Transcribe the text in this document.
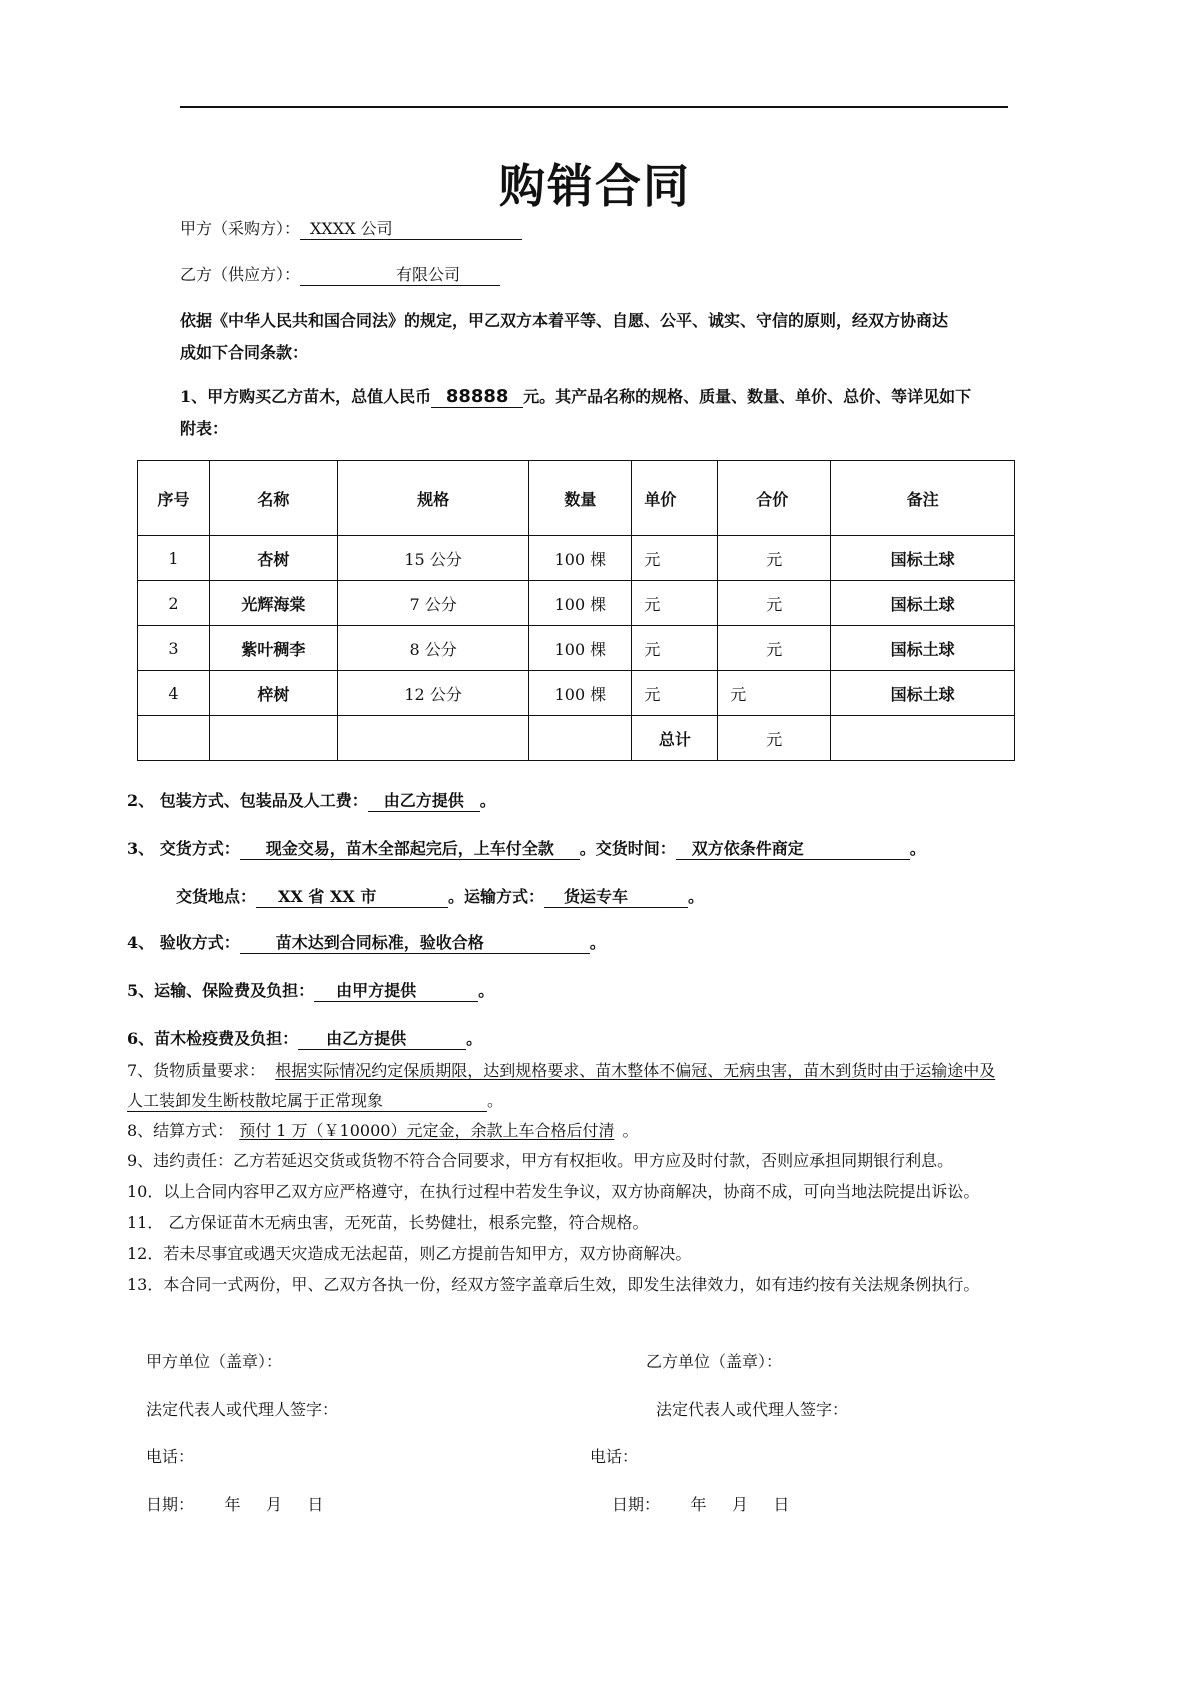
购销合同
甲方（采购方）： XXXX 公司
乙方（供应方）：	有限公司
依据《中华人民共和国合同法》的规定，甲乙双方本着平等、自愿、公平、诚实、守信的原则，经双方协商达
成如下合同条款：
1、甲方购买乙方苗木，总值人民币 88888 元。其产品名称的规格、质量、数量、单价、总价、等详见如下
附表：
序号	名称	规格	数量	单价	合价	备注
1	杏树	15 公分	100 棵	元	元	国标土球
2	光辉海棠	7 公分	100 棵	元	元	国标土球
3	紫叶稠李	8 公分	100 棵	元	元	国标土球
4	梓树	12 公分	100 棵	元	元	国标土球
				总计	元	
2、 包装方式、包装品及人工费： 由乙方提供 。
3、 交货方式： 现金交易，苗木全部起完后，上车付全款 。交货时间： 双方依条件商定	。
交货地点： XX 省 XX 市	。运输方式： 货运专车	。
4、 验收方式： 苗木达到合同标准，验收合格	。
5、运输、保险费及负担： 由甲方提供	。
6、苗木检疫费及负担： 由乙方提供	。
7、货物质量要求： 根据实际情况约定保质期限，达到规格要求、苗木整体不偏冠、无病虫害，苗木到货时由于运输途中及
人工装卸发生断枝散坨属于正常现象	。
8、结算方式： 预付 1 万（￥10000）元定金，余款上车合格后付清 。
9、违约责任：乙方若延迟交货或货物不符合合同要求，甲方有权拒收。甲方应及时付款，否则应承担同期银行利息。
10．以上合同内容甲乙双方应严格遵守，在执行过程中若发生争议，双方协商解决，协商不成，可向当地法院提出诉讼。
11． 乙方保证苗木无病虫害，无死苗，长势健壮，根系完整，符合规格。
12．若未尽事宜或遇天灾造成无法起苗，则乙方提前告知甲方，双方协商解决。
13．本合同一式两份，甲、乙双方各执一份，经双方签字盖章后生效，即发生法律效力，如有违约按有关法规条例执行。
甲方单位（盖章）：	乙方单位（盖章）：
法定代表人或代理人签字：	法定代表人或代理人签字：
电话：	电话：
日期：      年     月     日	日期：      年     月     日
